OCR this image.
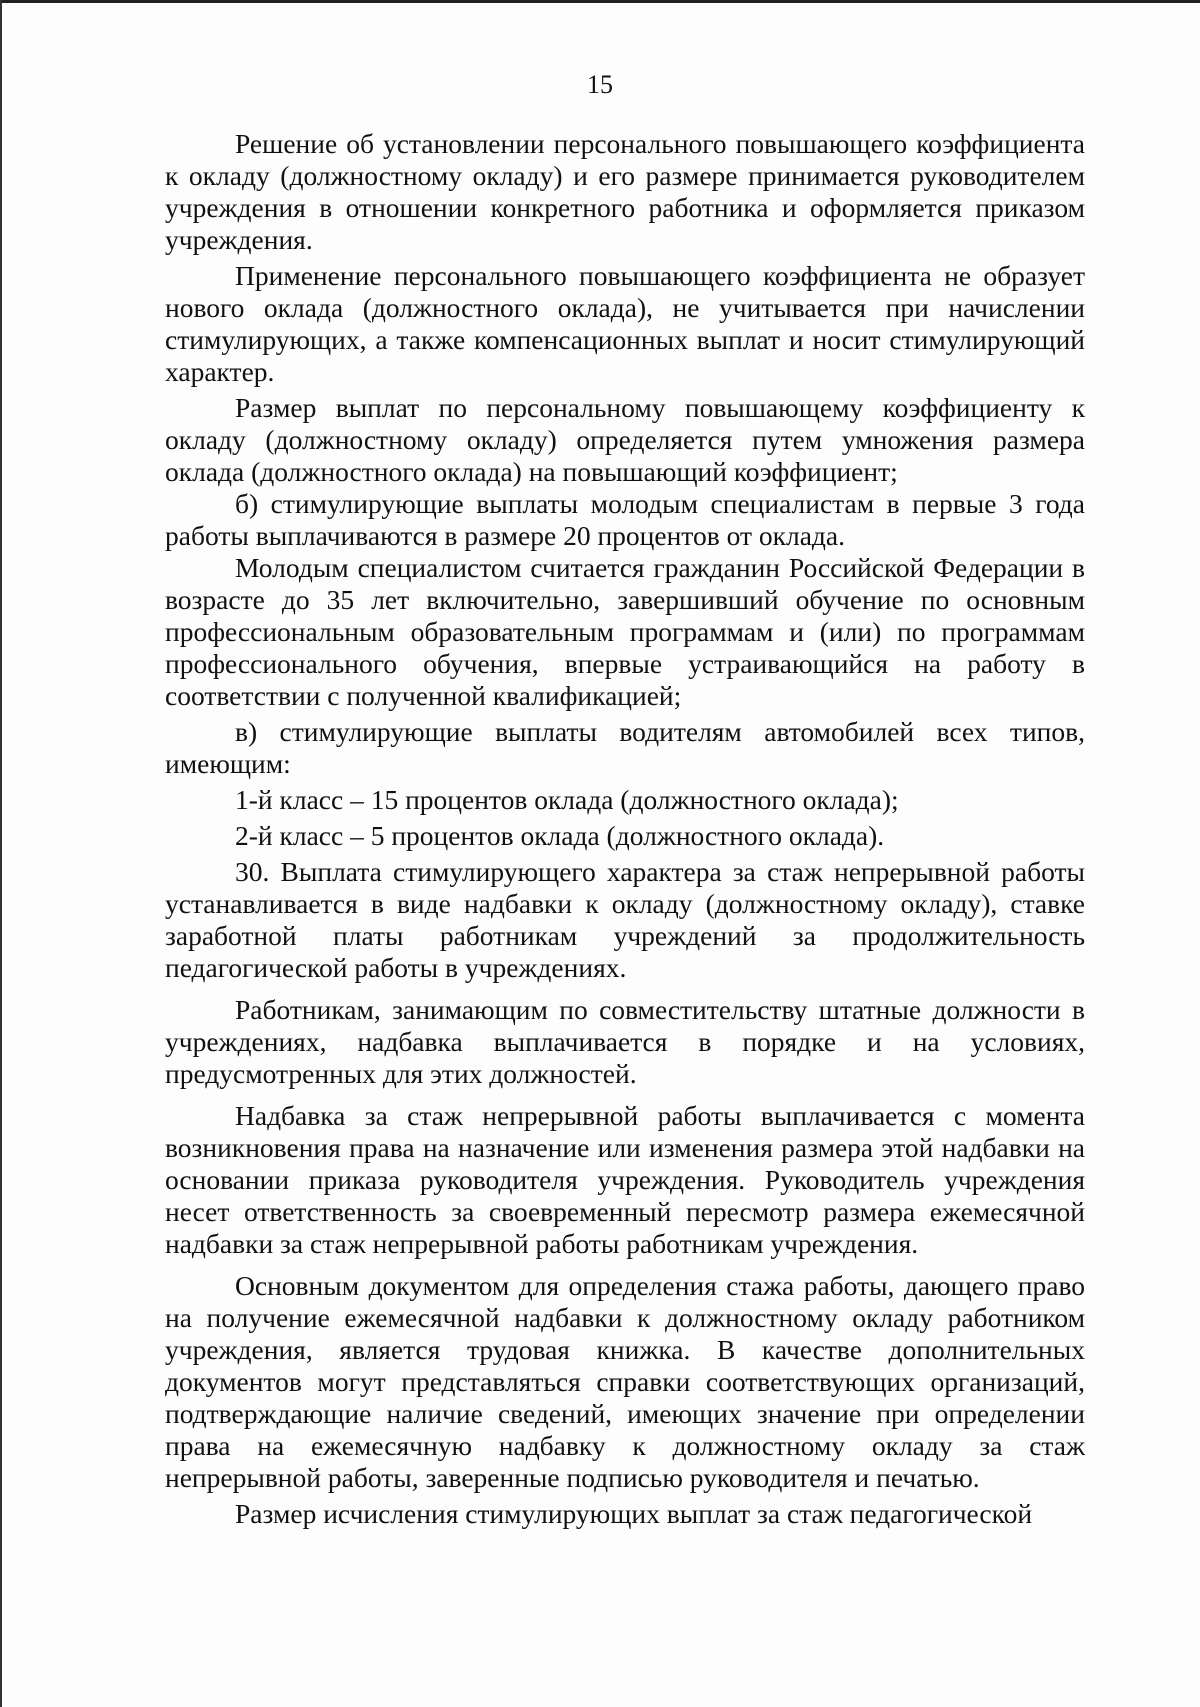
15

Решение об установлении персонального повышающего коэффициента к окладу (должностному окладу) и его размере принимается руководителем учреждения в отношении конкретного работника и оформляется приказом учреждения.

Применение персонального повышающего коэффициента не образует нового оклада (должностного оклада), не учитывается при начислении стимулирующих, а также компенсационных выплат и носит стимулирующий характер.

Размер выплат по персональному повышающему коэффициенту к окладу (должностному окладу) определяется путем умножения размера оклада (должностного оклада) на повышающий коэффициент;

б) стимулирующие выплаты молодым специалистам в первые 3 года работы выплачиваются в размере 20 процентов от оклада.

Молодым специалистом считается гражданин Российской Федерации в возрасте до 35 лет включительно, завершивший обучение по основным профессиональным образовательным программам и (или) по программам профессионального обучения, впервые устраивающийся на работу в соответствии с полученной квалификацией;

в) стимулирующие выплаты водителям автомобилей всех типов, имеющим:

1-й класс – 15 процентов оклада (должностного оклада);

2-й класс – 5 процентов оклада (должностного оклада).

30. Выплата стимулирующего характера за стаж непрерывной работы устанавливается в виде надбавки к окладу (должностному окладу), ставке заработной платы работникам учреждений за продолжительность педагогической работы в учреждениях.

Работникам, занимающим по совместительству штатные должности в учреждениях, надбавка выплачивается в порядке и на условиях, предусмотренных для этих должностей.

Надбавка за стаж непрерывной работы выплачивается с момента возникновения права на назначение или изменения размера этой надбавки на основании приказа руководителя учреждения. Руководитель учреждения несет ответственность за своевременный пересмотр размера ежемесячной надбавки за стаж непрерывной работы работникам учреждения.

Основным документом для определения стажа работы, дающего право на получение ежемесячной надбавки к должностному окладу работником учреждения, является трудовая книжка. В качестве дополнительных документов могут представляться справки соответствующих организаций, подтверждающие наличие сведений, имеющих значение при определении права на ежемесячную надбавку к должностному окладу за стаж непрерывной работы, заверенные подписью руководителя и печатью.

Размер исчисления стимулирующих выплат за стаж педагогической
